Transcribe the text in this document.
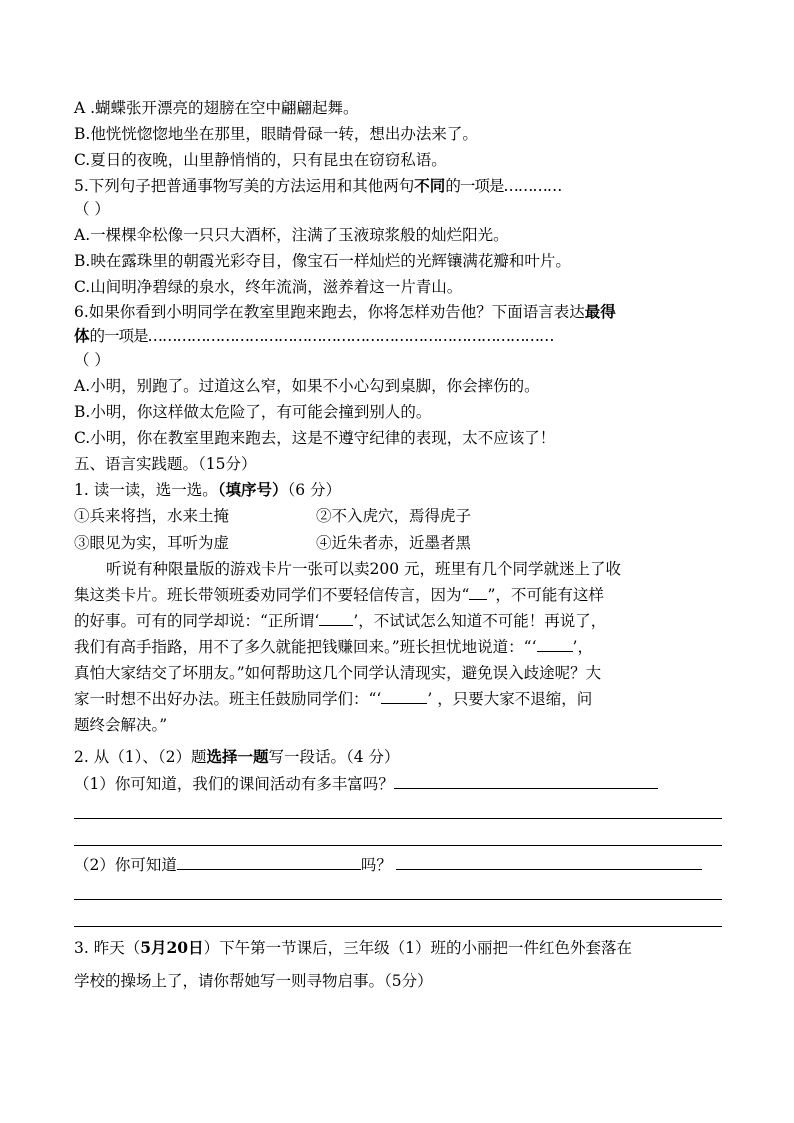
A .蝴蝶张开漂亮的翅膀在空中翩翩起舞。
B.他恍恍惚惚地坐在那里，眼睛骨碌一转，想出办法来了。
C.夏日的夜晚，山里静悄悄的，只有昆虫在窃窃私语。
5.下列句子把普通事物写美的方法运用和其他两句不同的一项是…………
（ ）
A.一棵棵伞松像一只只大酒杯，注满了玉液琼浆般的灿烂阳光。
B.映在露珠里的朝霞光彩夺目，像宝石一样灿烂的光辉镶满花瓣和叶片。
C.山间明净碧绿的泉水，终年流淌，滋养着这一片青山。
6.如果你看到小明同学在教室里跑来跑去，你将怎样劝告他？下面语言表达最得
体的一项是…………………………………………………………………………
（ ）
A.小明，别跑了。过道这么窄，如果不小心勾到桌脚，你会摔伤的。
B.小明，你这样做太危险了，有可能会撞到别人的。
C.小明，你在教室里跑来跑去，这是不遵守纪律的表现，太不应该了！
五、语言实践题。（15分）
1. 读一读，选一选。（填序号）（6 分）
①兵来将挡，水来土掩	②不入虎穴，焉得虎子
③眼见为实，耳听为虚	④近朱者赤，近墨者黑
听说有种限量版的游戏卡片一张可以卖200 元，班里有几个同学就迷上了收
集这类卡片。班长带领班委劝同学们不要轻信传言，因为“ ”，不可能有这样
的好事。可有的同学却说：“正所谓‘ ’，不试试怎么知道不可能！再说了，
我们有高手指路，用不了多久就能把钱赚回来。”班长担忧地说道：“‘ ’，
真怕大家结交了坏朋友。”如何帮助这几个同学认清现实，避免误入歧途呢？大
家一时想不出好办法。班主任鼓励同学们：“‘	’ ，只要大家不退缩，问
题终会解决。”
2. 从（1）、（2）题选择一题写一段话。（4 分）
（1）你可知道，我们的课间活动有多丰富吗？
（2）你可知道	吗？
3. 昨天（5月20日）下午第一节课后，三年级（1）班的小丽把一件红色外套落在
学校的操场上了，请你帮她写一则寻物启事。（5分）
